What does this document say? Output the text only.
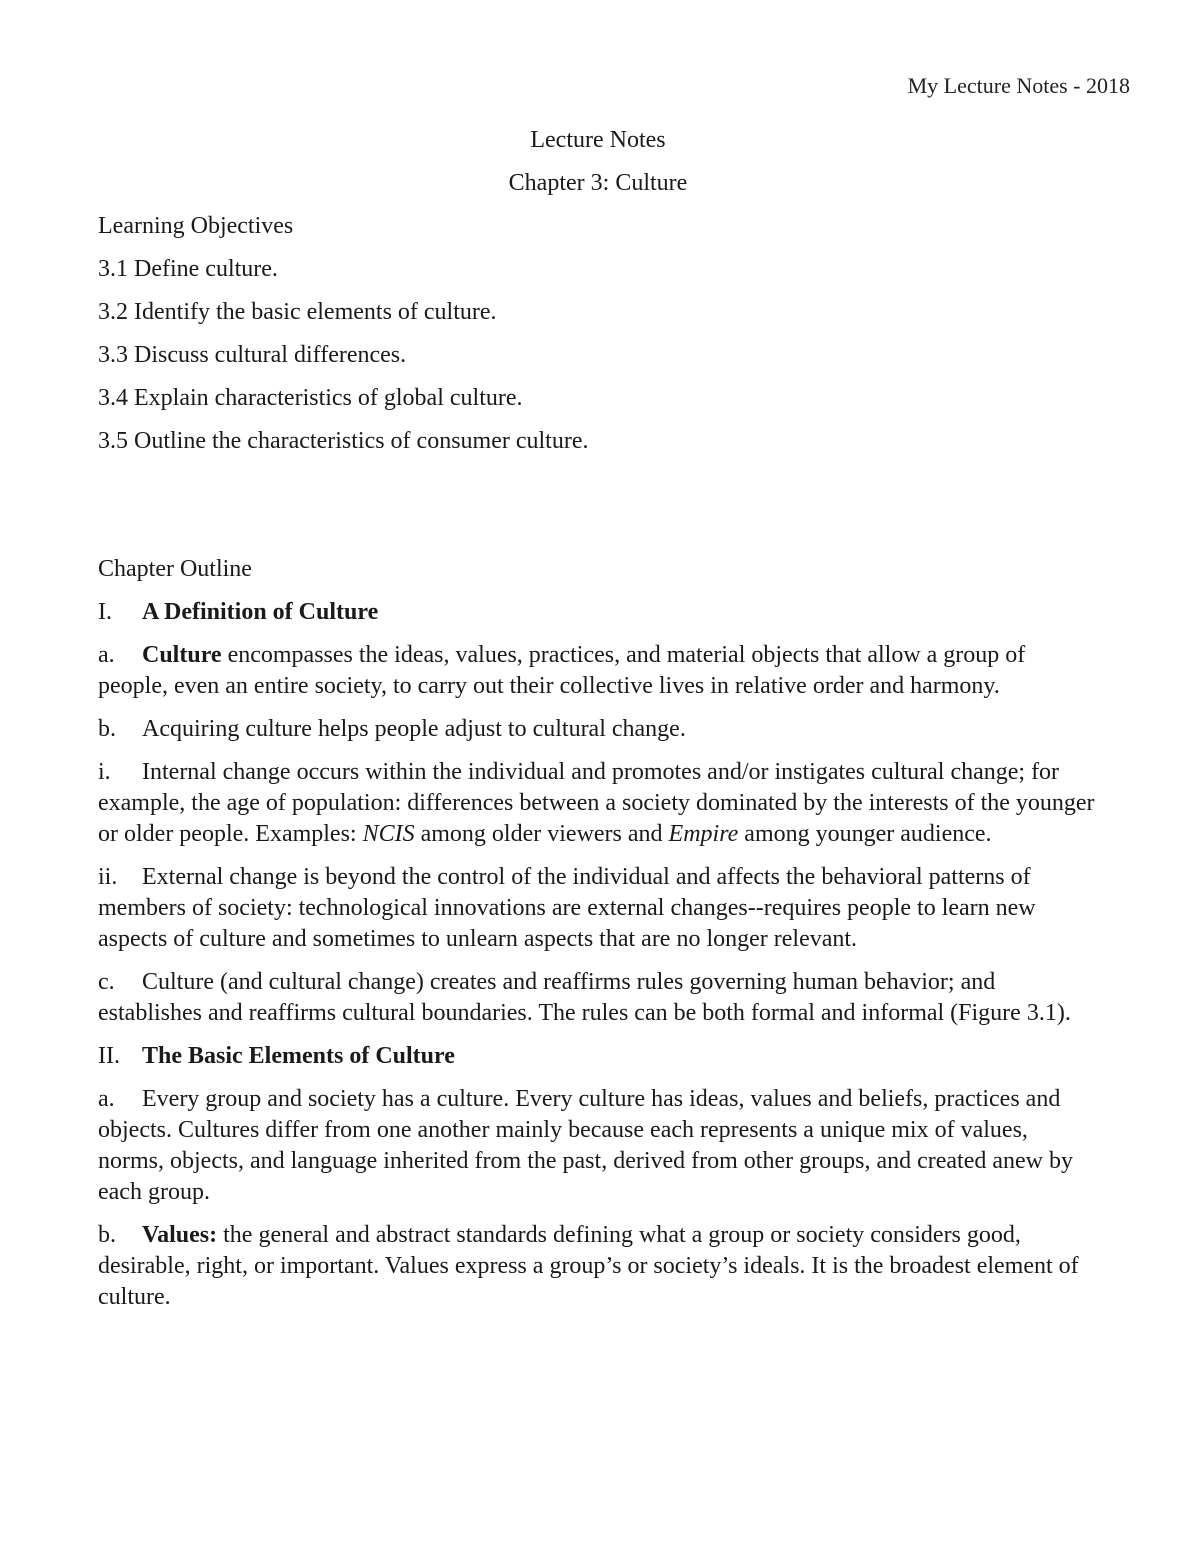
My Lecture Notes - 2018

Lecture Notes

Chapter 3: Culture

Learning Objectives

3.1 Define culture.

3.2 Identify the basic elements of culture.

3.3 Discuss cultural differences.

3.4 Explain characteristics of global culture.

3.5 Outline the characteristics of consumer culture.

Chapter Outline

I. A Definition of Culture

a. Culture encompasses the ideas, values, practices, and material objects that allow a group of people, even an entire society, to carry out their collective lives in relative order and harmony.

b. Acquiring culture helps people adjust to cultural change.

i. Internal change occurs within the individual and promotes and/or instigates cultural change; for example, the age of population: differences between a society dominated by the interests of the younger or older people. Examples: NCIS among older viewers and Empire among younger audience.

ii. External change is beyond the control of the individual and affects the behavioral patterns of members of society: technological innovations are external changes--requires people to learn new aspects of culture and sometimes to unlearn aspects that are no longer relevant.

c. Culture (and cultural change) creates and reaffirms rules governing human behavior; and establishes and reaffirms cultural boundaries. The rules can be both formal and informal (Figure 3.1).

II. The Basic Elements of Culture

a. Every group and society has a culture. Every culture has ideas, values and beliefs, practices and objects. Cultures differ from one another mainly because each represents a unique mix of values, norms, objects, and language inherited from the past, derived from other groups, and created anew by each group.

b. Values: the general and abstract standards defining what a group or society considers good, desirable, right, or important. Values express a group’s or society’s ideals. It is the broadest element of culture.
